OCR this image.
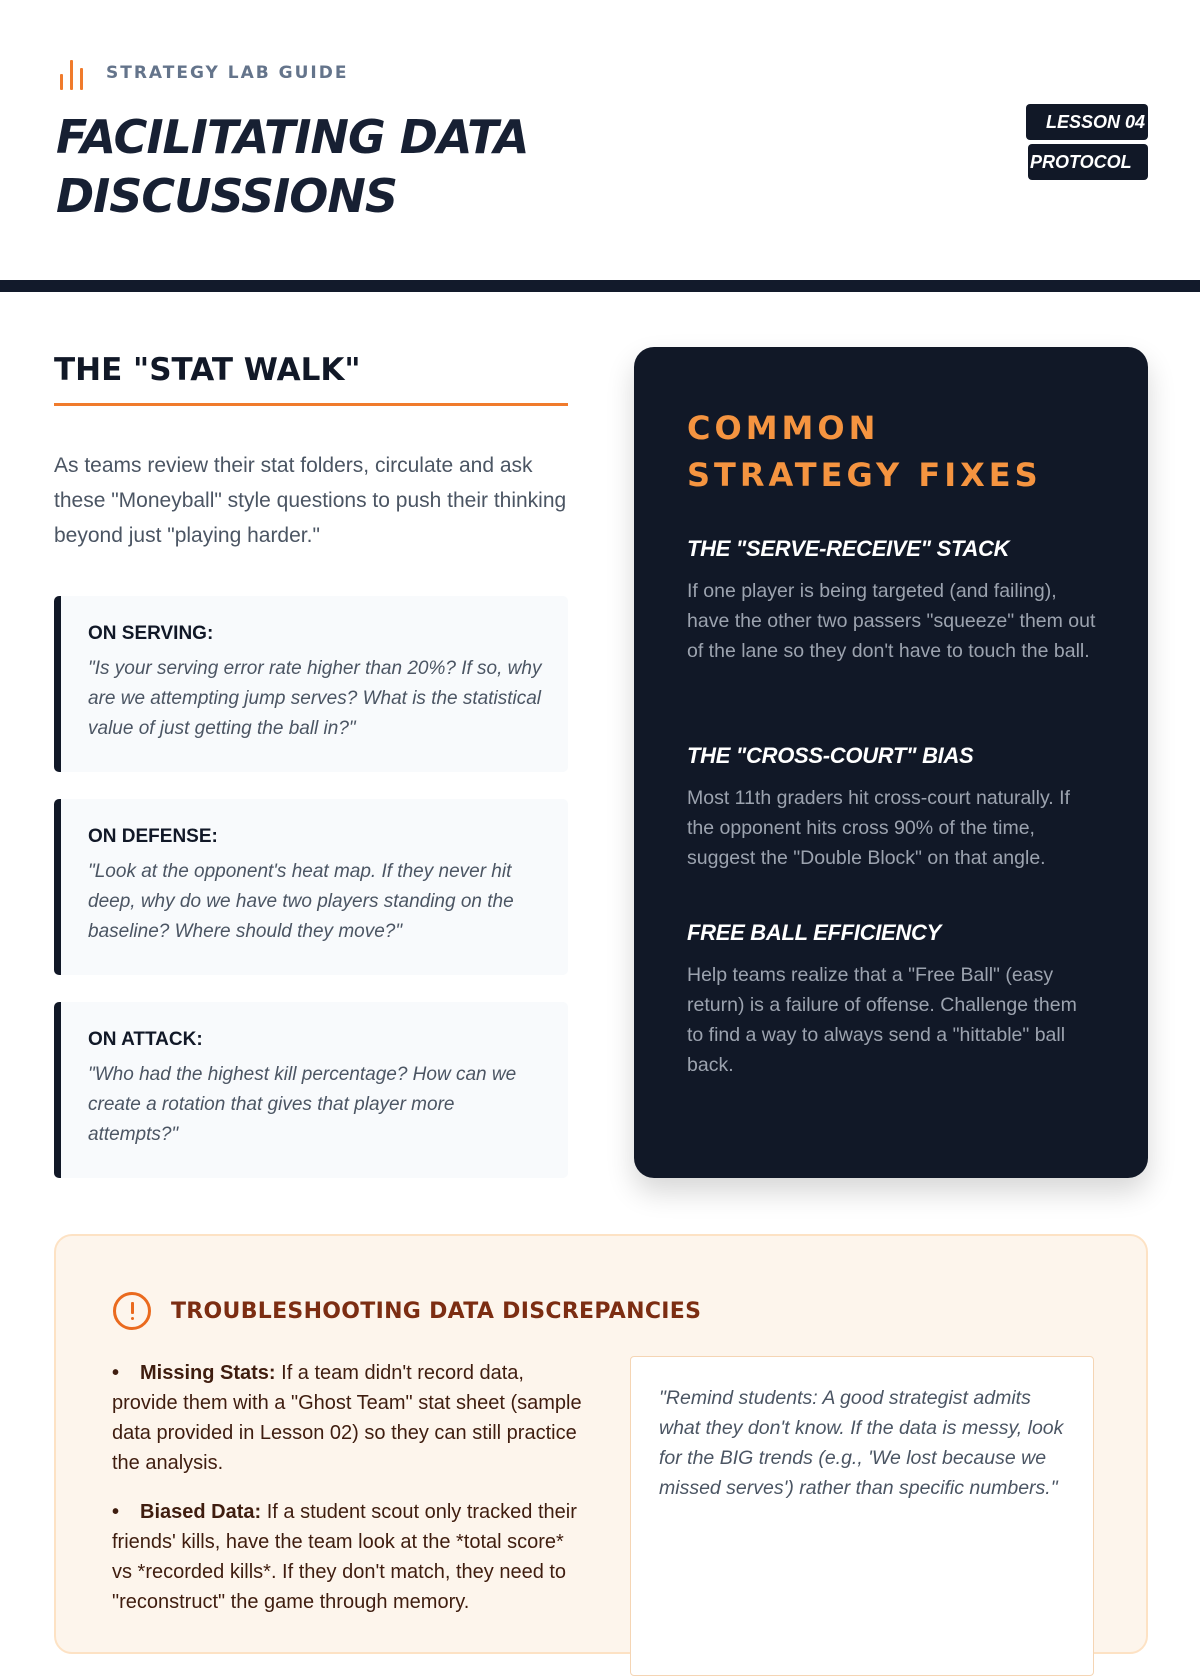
STRATEGY LAB GUIDE
FACILITATING DATA
DISCUSSIONS
LESSON 04
PROTOCOL
THE "STAT WALK"

As teams review their stat folders, circulate and ask these "Moneyball" style questions to push their thinking beyond just "playing harder."

ON SERVING:
"Is your serving error rate higher than 20%? If so, why are we attempting jump serves? What is the statistical value of just getting the ball in?"
ON DEFENSE:
"Look at the opponent's heat map. If they never hit deep, why do we have two players standing on the baseline? Where should they move?"
ON ATTACK:
"Who had the highest kill percentage? How can we create a rotation that gives that player more attempts?"
COMMON
STRATEGY FIXES
THE "SERVE-RECEIVE" STACK
If one player is being targeted (and failing), have the other two passers "squeeze" them out of the lane so they don't have to touch the ball.
THE "CROSS-COURT" BIAS
Most 11th graders hit cross-court naturally. If the opponent hits cross 90% of the time, suggest the "Double Block" on that angle.
FREE BALL EFFICIENCY
Help teams realize that a "Free Ball" (easy return) is a failure of offense. Challenge them to find a way to always send a "hittable" ball back.
TROUBLESHOOTING DATA DISCREPANCIES
• Missing Stats: If a team didn't record data, provide them with a "Ghost Team" stat sheet (sample data provided in Lesson 02) so they can still practice the analysis.
• Biased Data: If a student scout only tracked their friends' kills, have the team look at the *total score* vs *recorded kills*. If they don't match, they need to "reconstruct" the game through memory.
"Remind students: A good strategist admits what they don't know. If the data is messy, look for the BIG trends (e.g., 'We lost because we missed serves') rather than specific numbers."
